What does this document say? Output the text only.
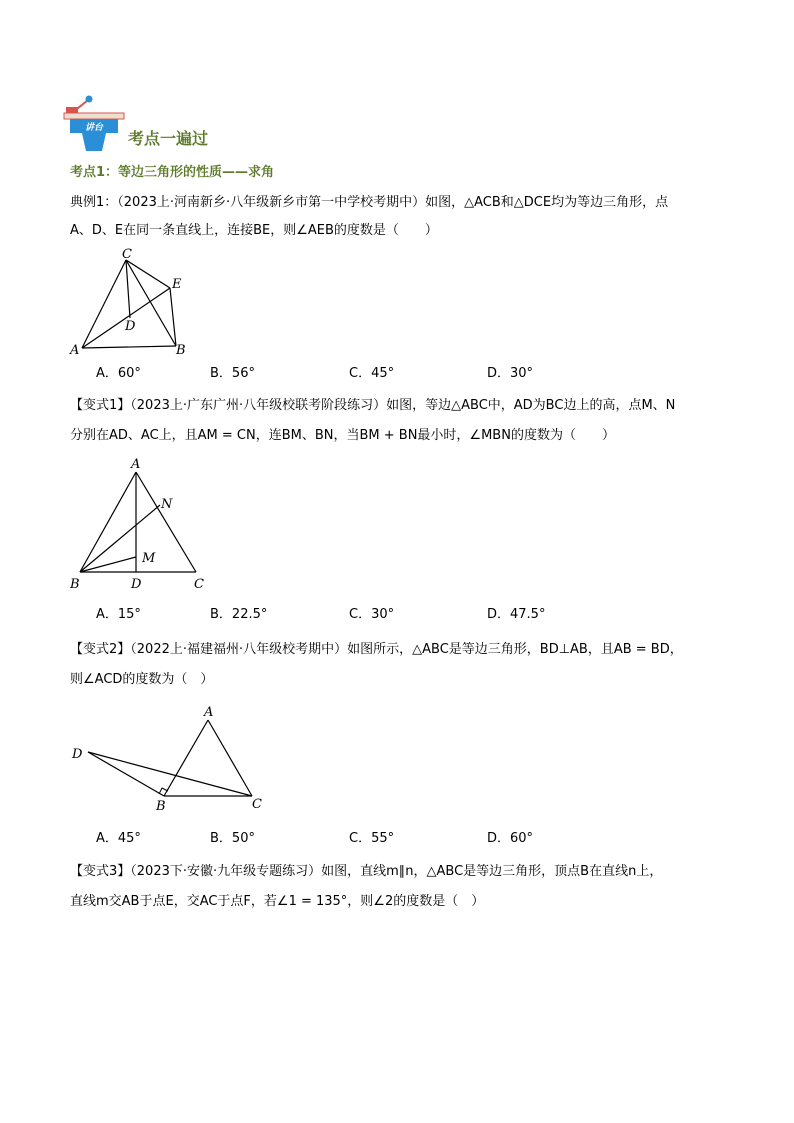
讲台
考点一遍过
考点1：等边三角形的性质——求角
典例1：（2023上·河南新乡·八年级新乡市第一中学校考期中）如图，△ACB和△DCE均为等边三角形，点
A、D、E在同一条直线上，连接BE，则∠AEB的度数是（　　）
C
E
D
A	B
A．60°	B．56°	C．45°	D．30°
【变式1】（2023上·广东广州·八年级校联考阶段练习）如图，等边△ABC中，AD为BC边上的高，点M、N
分别在AD、AC上，且AM = CN，连BM、BN，当BM + BN最小时，∠MBN的度数为（　　）
A
N
M
B	D	C
A．15°	B．22.5°	C．30°	D．47.5°
【变式2】（2022上·福建福州·八年级校考期中）如图所示，△ABC是等边三角形，BD⊥AB，且AB = BD，
则∠ACD的度数为（　）
A
D
B	C
A．45°	B．50°	C．55°	D．60°
【变式3】（2023下·安徽·九年级专题练习）如图，直线m∥n，△ABC是等边三角形，顶点B在直线n上，
直线m交AB于点E，交AC于点F，若∠1 = 135°，则∠2的度数是（　）
